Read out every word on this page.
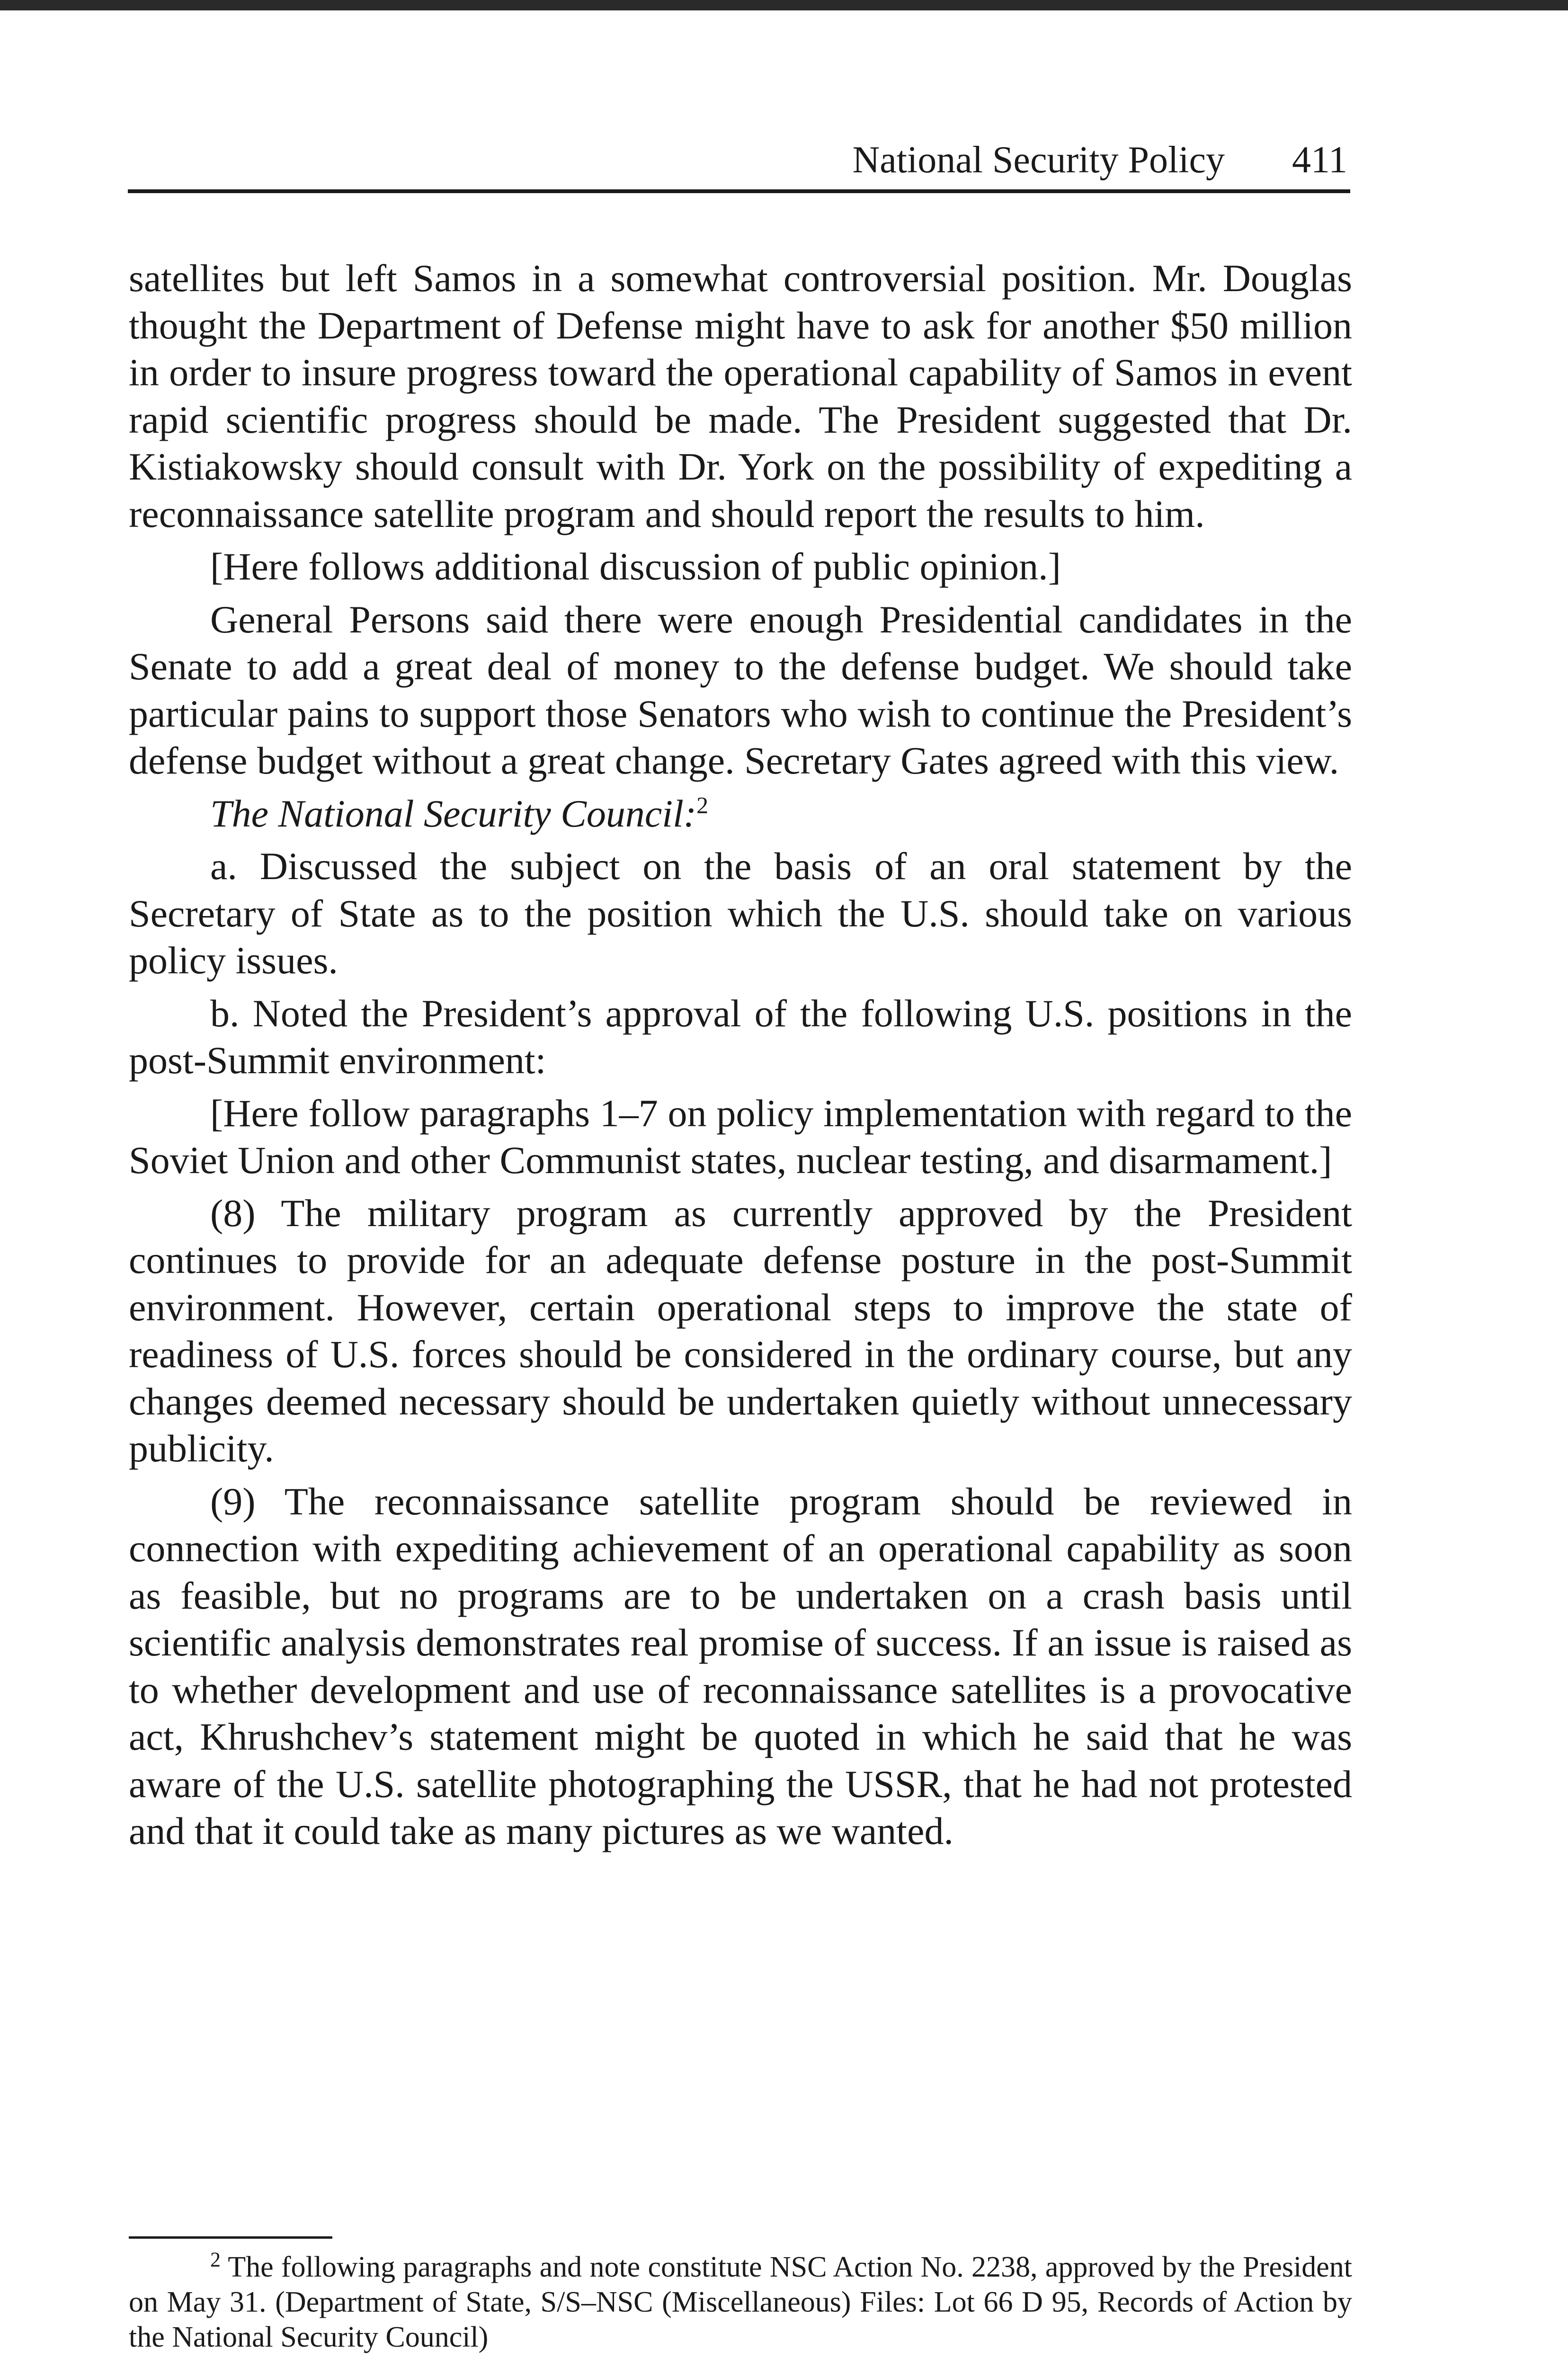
National Security Policy 411

satellites but left Samos in a somewhat controversial position. Mr. Douglas thought the Department of Defense might have to ask for another $50 million in order to insure progress toward the operational capability of Samos in event rapid scientific progress should be made. The President suggested that Dr. Kistiakowsky should consult with Dr. York on the possibility of expediting a reconnaissance satellite program and should report the results to him.

[Here follows additional discussion of public opinion.]

General Persons said there were enough Presidential candidates in the Senate to add a great deal of money to the defense budget. We should take particular pains to support those Senators who wish to continue the President’s defense budget without a great change. Secretary Gates agreed with this view.

The National Security Council:$^2$

a. Discussed the subject on the basis of an oral statement by the Secretary of State as to the position which the U.S. should take on various policy issues.

b. Noted the President’s approval of the following U.S. positions in the post-Summit environment:

[Here follow paragraphs 1–7 on policy implementation with regard to the Soviet Union and other Communist states, nuclear testing, and disarmament.]

(8) The military program as currently approved by the President continues to provide for an adequate defense posture in the post-Summit environment. However, certain operational steps to improve the state of readiness of U.S. forces should be considered in the ordinary course, but any changes deemed necessary should be undertaken quietly without unnecessary publicity.

(9) The reconnaissance satellite program should be reviewed in connection with expediting achievement of an operational capability as soon as feasible, but no programs are to be undertaken on a crash basis until scientific analysis demonstrates real promise of success. If an issue is raised as to whether development and use of reconnaissance satellites is a provocative act, Khrushchev’s statement might be quoted in which he said that he was aware of the U.S. satellite photographing the USSR, that he had not protested and that it could take as many pictures as we wanted.

$^2$ The following paragraphs and note constitute NSC Action No. 2238, approved by the President on May 31. (Department of State, S/S–NSC (Miscellaneous) Files: Lot 66 D 95, Records of Action by the National Security Council)
